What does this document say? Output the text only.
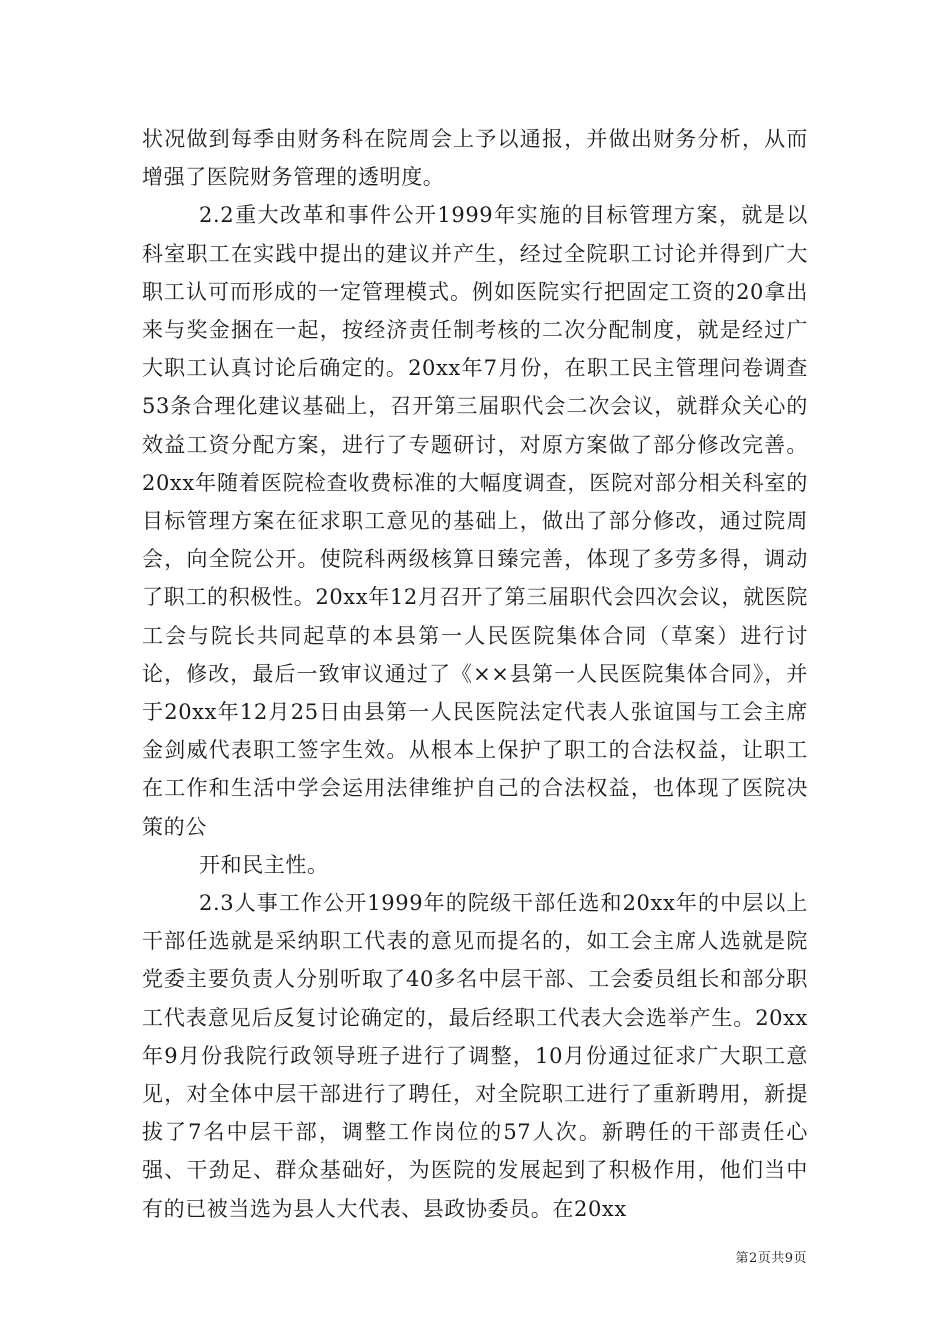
状况做到每季由财务科在院周会上予以通报，并做出财务分析，从而增强了医院财务管理的透明度。

2.2重大改革和事件公开1999年实施的目标管理方案，就是以科室职工在实践中提出的建议并产生，经过全院职工讨论并得到广大职工认可而形成的一定管理模式。例如医院实行把固定工资的20拿出来与奖金捆在一起，按经济责任制考核的二次分配制度，就是经过广大职工认真讨论后确定的。20xx年7月份，在职工民主管理问卷调查53条合理化建议基础上，召开第三届职代会二次会议，就群众关心的效益工资分配方案，进行了专题研讨，对原方案做了部分修改完善。20xx年随着医院检查收费标准的大幅度调查，医院对部分相关科室的目标管理方案在征求职工意见的基础上，做出了部分修改，通过院周会，向全院公开。使院科两级核算日臻完善，体现了多劳多得，调动了职工的积极性。20xx年12月召开了第三届职代会四次会议，就医院工会与院长共同起草的本县第一人民医院集体合同（草案）进行讨论，修改，最后一致审议通过了《××县第一人民医院集体合同》，并于20xx年12月25日由县第一人民医院法定代表人张谊国与工会主席金剑威代表职工签字生效。从根本上保护了职工的合法权益，让职工在工作和生活中学会运用法律维护自己的合法权益，也体现了医院决策的公

开和民主性。

2.3人事工作公开1999年的院级干部任选和20xx年的中层以上干部任选就是采纳职工代表的意见而提名的，如工会主席人选就是院党委主要负责人分别听取了40多名中层干部、工会委员组长和部分职工代表意见后反复讨论确定的，最后经职工代表大会选举产生。20xx年9月份我院行政领导班子进行了调整，10月份通过征求广大职工意见，对全体中层干部进行了聘任，对全院职工进行了重新聘用，新提拔了7名中层干部，调整工作岗位的57人次。新聘任的干部责任心强、干劲足、群众基础好，为医院的发展起到了积极作用，他们当中有的已被当选为县人大代表、县政协委员。在20xx

第2页共9页
